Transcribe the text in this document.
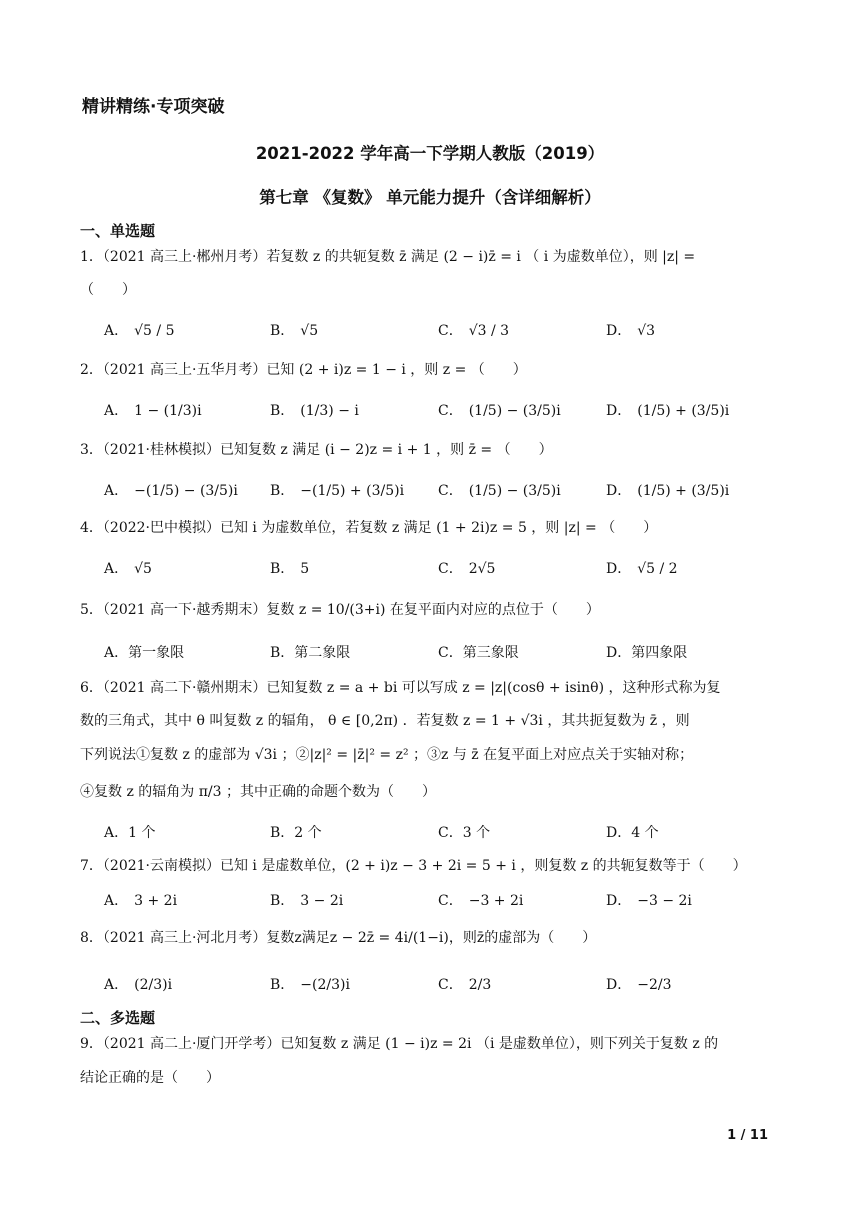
精讲精练·专项突破
2021-2022 学年高一下学期人教版（2019）
第七章 《复数》 单元能力提升（含详细解析）
一、单选题
1．（2021 高三上·郴州月考）若复数 z 的共轭复数 z̄ 满足 (2 − i)z̄ = i （ i 为虚数单位），则 |z| =
（　　）
A． √5 / 5	B． √5	C． √3 / 3	D． √3
2．（2021 高三上·五华月考）已知 (2 + i)z = 1 − i ，则 z = （　　）
A． 1 − (1/3)i	B． (1/3) − i	C． (1/5) − (3/5)i	D． (1/5) + (3/5)i
3．（2021·桂林模拟）已知复数 z 满足 (i − 2)z = i + 1 ，则 z̄ = （　　）
A． −(1/5) − (3/5)i B． −(1/5) + (3/5)i C． (1/5) − (3/5)i	D． (1/5) + (3/5)i
4．（2022·巴中模拟）已知 i 为虚数单位，若复数 z 满足 (1 + 2i)z = 5 ，则 |z| = （　　）
A． √5	B． 5	C． 2√5	D． √5 / 2
5．（2021 高一下·越秀期末）复数 z = 10/(3+i) 在复平面内对应的点位于（　　）
A．第一象限	B．第二象限	C．第三象限	D．第四象限
6．（2021 高二下·赣州期末）已知复数 z = a + bi 可以写成 z = |z|(cosθ + isinθ) ，这种形式称为复
数的三角式，其中 θ 叫复数 z 的辐角， θ ∈ [0,2π) ．若复数 z = 1 + √3i ，其共扼复数为 z̄ ，则
下列说法①复数 z 的虚部为 √3i ；②|z|² = |z̄|² = z² ；③z 与 z̄ 在复平面上对应点关于实轴对称；
④复数 z 的辐角为 π/3 ；其中正确的命题个数为（　　）
A．1 个	B．2 个	C．3 个	D．4 个
7．（2021·云南模拟）已知 i 是虚数单位，(2 + i)z − 3 + 2i = 5 + i ，则复数 z 的共轭复数等于（　　）
A． 3 + 2i	B． 3 − 2i	C． −3 + 2i	D． −3 − 2i
8．（2021 高三上·河北月考）复数z满足z − 2z̄ = 4i/(1−i)，则z̄的虚部为（　　）
A． (2/3)i	B． −(2/3)i	C． 2/3	D． −2/3
二、多选题
9．（2021 高二上·厦门开学考）已知复数 z 满足 (1 − i)z = 2i （i 是虚数单位），则下列关于复数 z 的
结论正确的是（　　）
1 / 11
